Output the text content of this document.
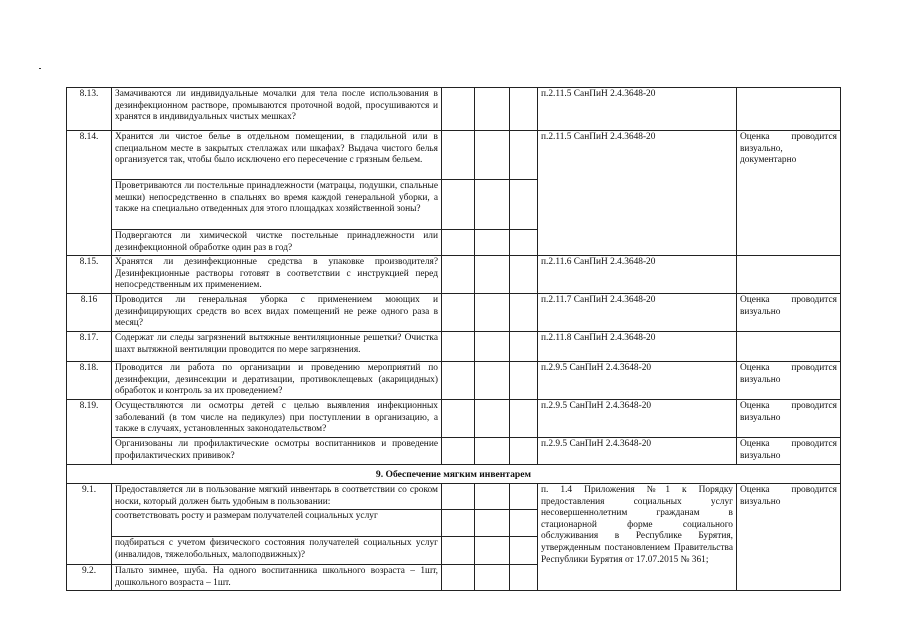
8.13.	Замачиваются ли индивидуальные мочалки для тела после использования в дезинфекционном растворе, промываются проточной водой, просушиваются и хранятся в индивидуальных чистых мешках?				п.2.11.5 СанПиН 2.4.3648-20	
8.14.	Хранится ли чистое белье в отдельном помещении, в гладильной или в специальном месте в закрытых стеллажах или шкафах? Выдача чистого белья организуется так, чтобы было исключено его пересечение с грязным бельем.				п.2.11.5 СанПиН 2.4.3648-20	Оценка проводится визуально, документарно
	Проветриваются ли постельные принадлежности (матрацы, подушки, спальные мешки) непосредственно в спальнях во время каждой генеральной уборки, а также на специально отведенных для этого площадках хозяйственной зоны?					
	Подвергаются ли химической чистке постельные принадлежности или дезинфекционной обработке один раз в год?					
8.15.	Хранятся ли дезинфекционные средства в упаковке производителя? Дезинфекционные растворы готовят в соответствии с инструкцией перед непосредственным их применением.				п.2.11.6 СанПиН 2.4.3648-20	
8.16	Проводится ли генеральная уборка с применением моющих и дезинфицирующих средств во всех видах помещений не реже одного раза в месяц?				п.2.11.7 СанПиН 2.4.3648-20	Оценка проводится визуально
8.17.	Содержат ли следы загрязнений вытяжные вентиляционные решетки? Очистка шахт вытяжной вентиляции проводится по мере загрязнения.				п.2.11.8 СанПиН 2.4.3648-20	
8.18.	Проводится ли работа по организации и проведению мероприятий по дезинфекции, дезинсекции и дератизации, противоклещевых (акарицидных) обработок и контроль за их проведением?				п.2.9.5 СанПиН 2.4.3648-20	Оценка проводится визуально
8.19.	Осуществляются ли осмотры детей с целью выявления инфекционных заболеваний (в том числе на педикулез) при поступлении в организацию, а также в случаях, установленных законодательством?				п.2.9.5 СанПиН 2.4.3648-20	Оценка проводится визуально
	Организованы ли профилактические осмотры воспитанников и проведение профилактических прививок?				п.2.9.5 СанПиН 2.4.3648-20	Оценка проводится визуально
9. Обеспечение мягким инвентарем						
9.1.	Предоставляется ли в пользование мягкий инвентарь в соответствии со сроком носки, который должен быть удобным в пользовании:				п. 1.4 Приложения №1 к Порядку предоставления социальных услуг несовершеннолетним гражданам в стационарной форме социального обслуживания в Республике Бурятия, утвержденным постановлением Правительства Республики Бурятия от 17.07.2015 № 361;	Оценка проводится визуально
	соответствовать росту и размерам получателей социальных услуг					
	подбираться с учетом физического состояния получателей социальных услуг (инвалидов, тяжелобольных, малоподвижных)?					
9.2.	Пальто зимнее, шуба. На одного воспитанника школьного возраста – 1шт, дошкольного возраста – 1шт.					
